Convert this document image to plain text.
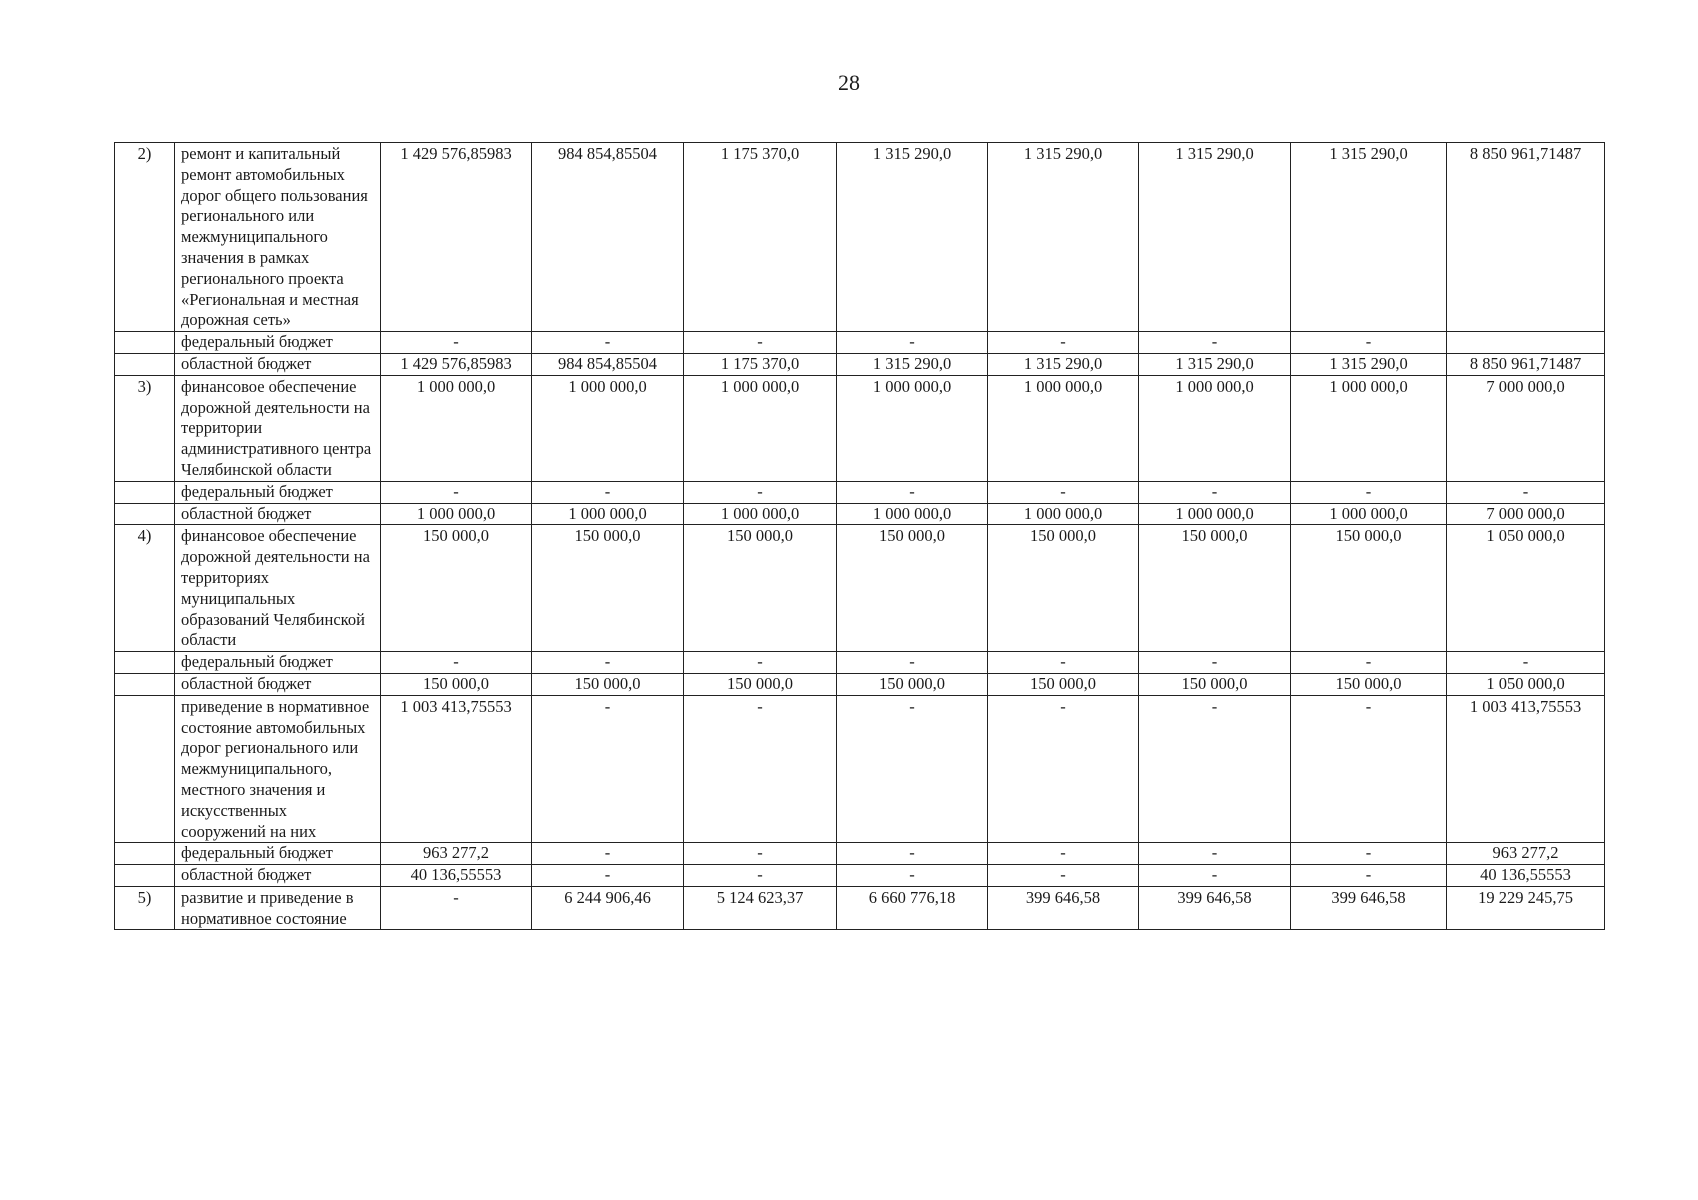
28
2)	ремонт и капитальный ремонт автомобильных дорог общего пользования регионального или межмуниципального значения в рамках регионального проекта «Региональная и местная дорожная сеть»	1 429 576,85983	984 854,85504	1 175 370,0	1 315 290,0	1 315 290,0	1 315 290,0	1 315 290,0	8 850 961,71487
	федеральный бюджет	-	-	-	-	-	-	-	
	областной бюджет	1 429 576,85983	984 854,85504	1 175 370,0	1 315 290,0	1 315 290,0	1 315 290,0	1 315 290,0	8 850 961,71487
3)	финансовое обеспечение дорожной деятельности на территории административного центра Челябинской области	1 000 000,0	1 000 000,0	1 000 000,0	1 000 000,0	1 000 000,0	1 000 000,0	1 000 000,0	7 000 000,0
	федеральный бюджет	-	-	-	-	-	-	-	-
	областной бюджет	1 000 000,0	1 000 000,0	1 000 000,0	1 000 000,0	1 000 000,0	1 000 000,0	1 000 000,0	7 000 000,0
4)	финансовое обеспечение дорожной деятельности на территориях муниципальных образований Челябинской области	150 000,0	150 000,0	150 000,0	150 000,0	150 000,0	150 000,0	150 000,0	1 050 000,0
	федеральный бюджет	-	-	-	-	-	-	-	-
	областной бюджет	150 000,0	150 000,0	150 000,0	150 000,0	150 000,0	150 000,0	150 000,0	1 050 000,0
	приведение в нормативное состояние автомобильных дорог регионального или межмуниципального, местного значения и искусственных сооружений на них	1 003 413,75553	-	-	-	-	-	-	1 003 413,75553
	федеральный бюджет	963 277,2	-	-	-	-	-	-	963 277,2
	областной бюджет	40 136,55553	-	-	-	-	-	-	40 136,55553
5)	развитие и приведение в нормативное состояние	-	6 244 906,46	5 124 623,37	6 660 776,18	399 646,58	399 646,58	399 646,58	19 229 245,75
